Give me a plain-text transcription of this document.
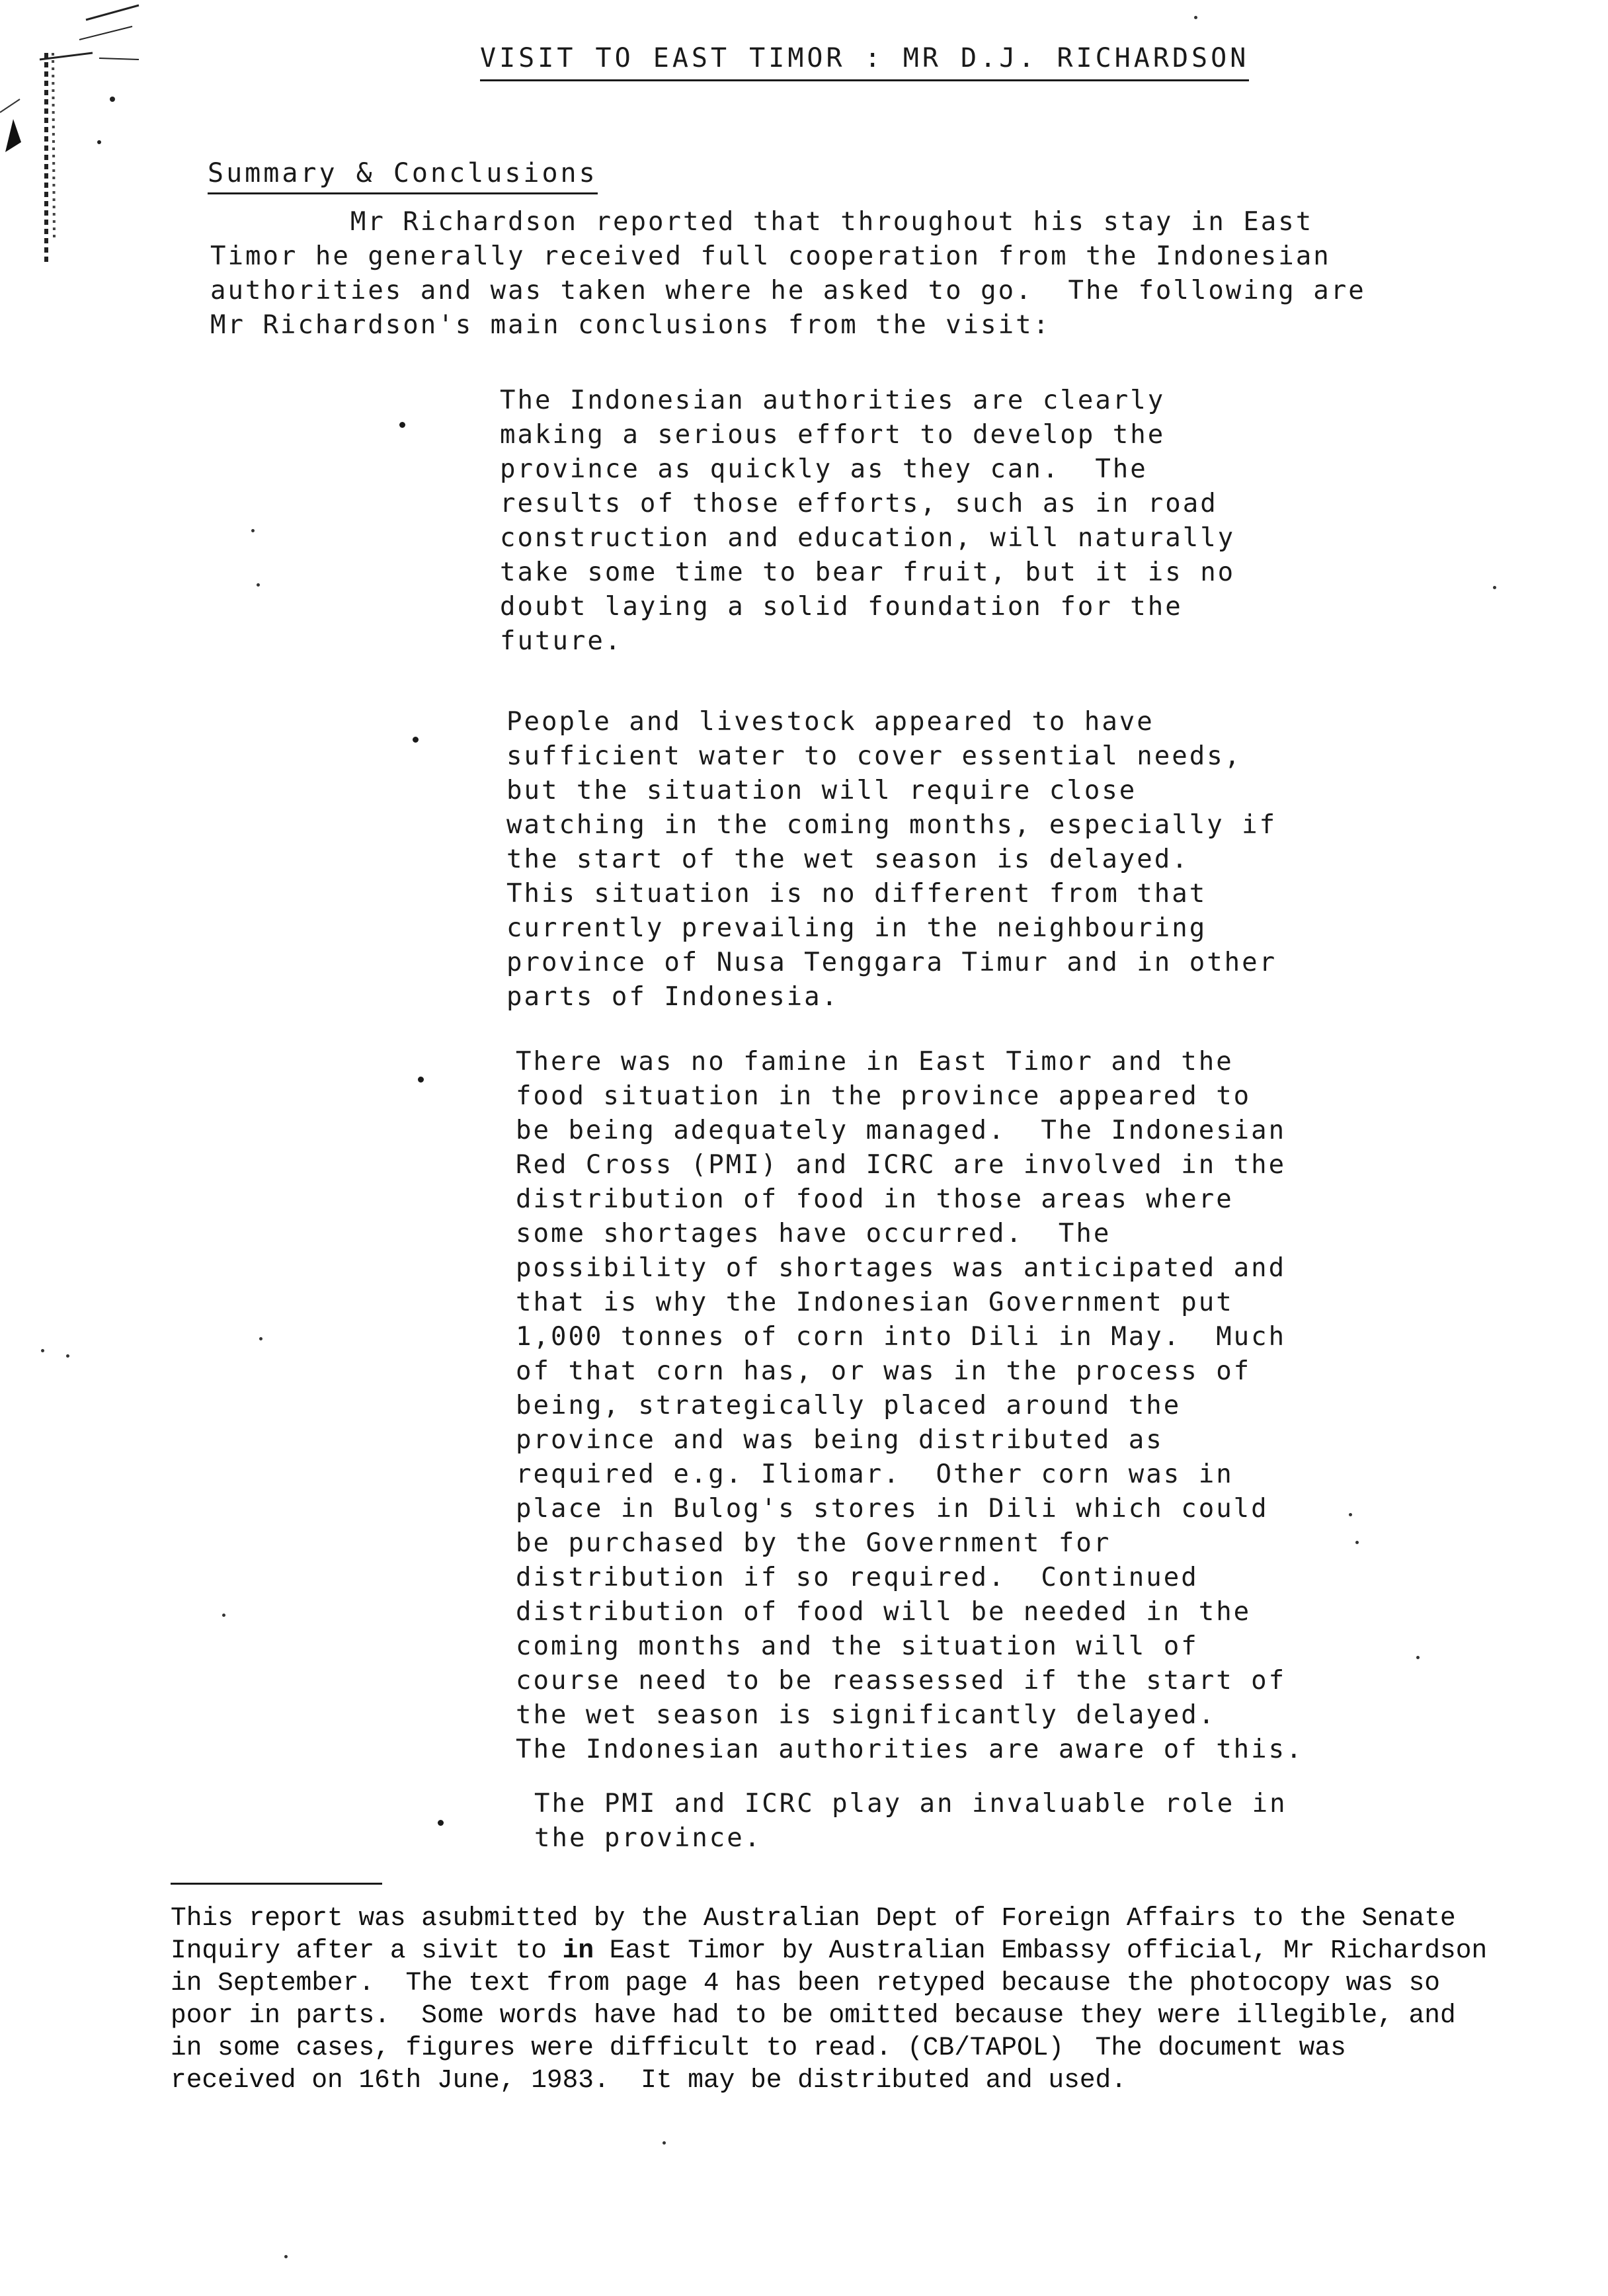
VISIT TO EAST TIMOR : MR D.J. RICHARDSON
Summary & Conclusions
Mr Richardson reported that throughout his stay in East
Timor he generally received full cooperation from the Indonesian
authorities and was taken where he asked to go.  The following are
Mr Richardson's main conclusions from the visit:
The Indonesian authorities are clearly
making a serious effort to develop the
province as quickly as they can.  The
results of those efforts, such as in road
construction and education, will naturally
take some time to bear fruit, but it is no
doubt laying a solid foundation for the
future.
People and livestock appeared to have
sufficient water to cover essential needs,
but the situation will require close
watching in the coming months, especially if
the start of the wet season is delayed.
This situation is no different from that
currently prevailing in the neighbouring
province of Nusa Tenggara Timur and in other
parts of Indonesia.
There was no famine in East Timor and the
food situation in the province appeared to
be being adequately managed.  The Indonesian
Red Cross (PMI) and ICRC are involved in the
distribution of food in those areas where
some shortages have occurred.  The
possibility of shortages was anticipated and
that is why the Indonesian Government put
1,000 tonnes of corn into Dili in May.  Much
of that corn has, or was in the process of
being, strategically placed around the
province and was being distributed as
required e.g. Iliomar.  Other corn was in
place in Bulog's stores in Dili which could
be purchased by the Government for
distribution if so required.  Continued
distribution of food will be needed in the
coming months and the situation will of
course need to be reassessed if the start of
the wet season is significantly delayed.
The Indonesian authorities are aware of this.
The PMI and ICRC play an invaluable role in
the province.
This report was asubmitted by the Australian Dept of Foreign Affairs to the Senate
Inquiry after a sivit to in East Timor by Australian Embassy official, Mr Richardson
in September.  The text from page 4 has been retyped because the photocopy was so
poor in parts.  Some words have had to be omitted because they were illegible, and
in some cases, figures were difficult to read. (CB/TAPOL)  The document was
received on 16th June, 1983.  It may be distributed and used.
